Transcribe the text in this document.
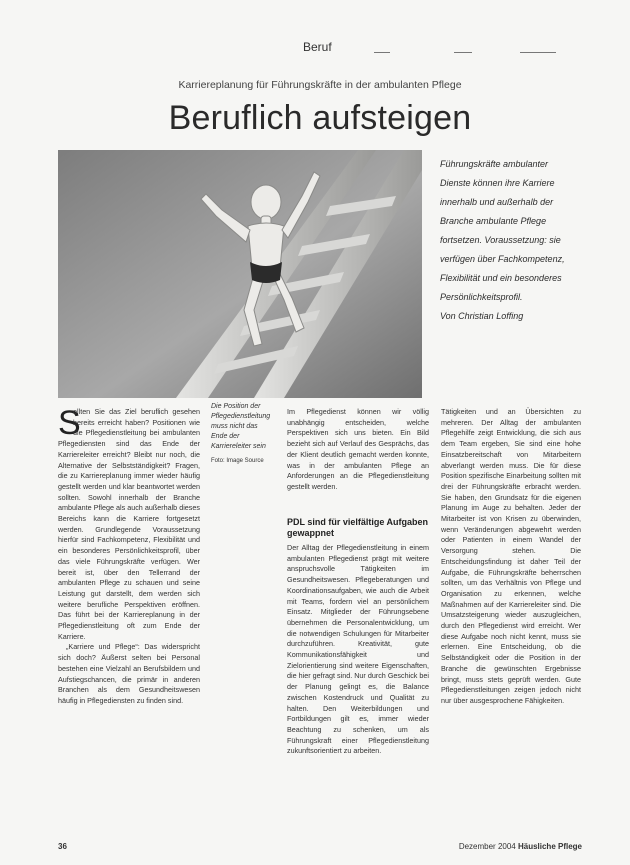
Beruf
Karriereplanung für Führungskräfte in der ambulanten Pflege
Beruflich aufsteigen
Führungskräfte ambulanter Dienste können ihre Karriere innerhalb und außerhalb der Branche ambulante Pflege fortsetzen. Voraussetzung: sie verfügen über Fachkompetenz, Flexibilität und ein besonderes Persönlichkeitsprofil.
Von Christian Loffing
Die Position der Pflegedienstleitung muss nicht das Ende der Karriereleiter sein
Foto: Image Source
S

ollten Sie das Ziel beruflich gesehen bereits erreicht haben? Positionen wie die Pflegedienstleitung bei ambulanten Pflegediensten sind das Ende der Karriereleiter erreicht? Bleibt nur noch, die Alternative der Selbstständigkeit? Fragen, die zu Karriereplanung immer wieder häufig gestellt werden und klar beantwortet werden sollten. Sowohl innerhalb der Branche ambulante Pflege als auch außerhalb dieses Bereichs kann die Karriere fortgesetzt werden. Grundlegende Voraussetzung hierfür sind Fachkompetenz, Flexibilität und ein besonderes Persönlichkeitsprofil, über das viele Führungskräfte verfügen. Wer bereit ist, über den Tellerrand der ambulanten Pflege zu schauen und seine Leistung gut darstellt, dem werden sich weitere berufliche Perspektiven eröffnen. Das führt bei der Karriereplanung in der Pflegedienstleitung oft zum Ende der Karriere.

„Karriere und Pflege“: Das widerspricht sich doch? Äußerst selten bei Personal bestehen eine Vielzahl an Berufsbildern und Aufstiegschancen, die primär in anderen Branchen als dem Gesundheitswesen häufig in Pflegediensten zu finden sind.

Im Pflegedienst können wir völlig unabhängig entscheiden, welche Perspektiven sich uns bieten. Ein Bild bezieht sich auf Verlauf des Gesprächs, das der Klient deutlich gemacht werden konnte, was in der ambulanten Pflege an Anforderungen an die Pflegedienstleitung gestellt werden.

PDL sind für vielfältige Aufgaben gewappnet

Der Alltag der Pflegedienstleitung in einem ambulanten Pflegedienst prägt mit weitere anspruchsvolle Tätigkeiten im Gesundheitswesen. Pflegeberatungen und Koordinationsaufgaben, wie auch die Arbeit mit Teams, fordern viel an persönlichem Einsatz. Mitglieder der Führungsebene übernehmen die Personalentwicklung, um die notwendigen Schulungen für Mitarbeiter durchzuführen. Kreativität, gute Kommunikationsfähigkeit und Zielorientierung sind weitere Eigenschaften, die hier gefragt sind. Nur durch Geschick bei der Planung gelingt es, die Balance zwischen Kostendruck und Qualität zu halten. Den Weiterbildungen und Fortbildungen gilt es, immer wieder Beachtung zu schenken, um als Führungskraft einer Pflegedienstleitung zukunftsorientiert zu arbeiten.

Tätigkeiten und an Übersichten zu mehreren. Der Alltag der ambulanten Pflegehilfe zeigt Entwicklung, die sich aus dem Team ergeben, Sie sind eine hohe Einsatzbereitschaft von Mitarbeitern abverlangt werden muss. Die für diese Position spezifische Einarbeitung sollten mit drei der Führungskräfte erbracht werden. Sie haben, den Grundsatz für die eigenen Planung im Auge zu behalten. Jeder der Mitarbeiter ist von Krisen zu überwinden, wenn Veränderungen abgewehrt werden oder Patienten in einem Wandel der Versorgung stehen. Die Entscheidungsfindung ist daher Teil der Aufgabe, die Führungskräfte beherrschen sollten, um das Verhältnis von Pflege und Organisation zu erkennen, welche Maßnahmen auf der Karriereleiter sind. Die Umsatzsteigerung wieder auszugleichen, durch den Pflegedienst wird erreicht. Wer diese Aufgabe noch nicht kennt, muss sie erlernen. Eine Entscheidung, ob die Selbständigkeit oder die Position in der Branche die gewünschten Ergebnisse bringt, muss stets geprüft werden. Gute Pflegedienstleitungen zeigen jedoch nicht nur über ausgesprochene Fähigkeiten.

36	Dezember 2004 Häusliche Pflege
